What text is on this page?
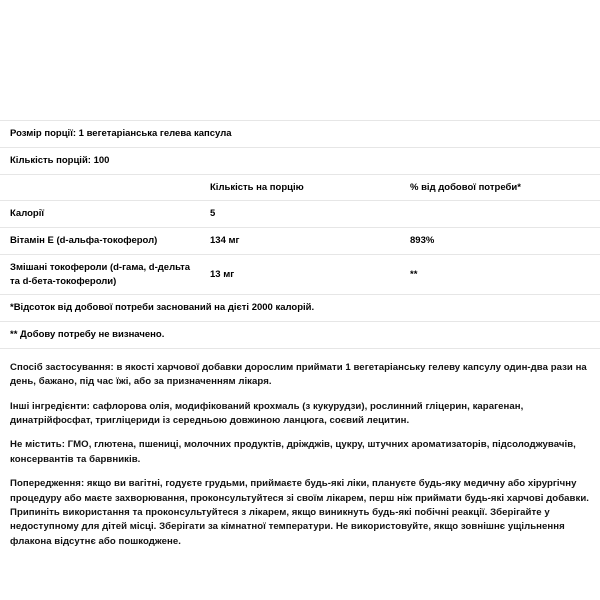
Розмір порції: 1 вегетаріанська гелева капсула		
Кількість порцій: 100		
	Кількість на порцію	% від добової потреби*
Калорії	5	
Вітамін E (d-альфа-токоферол)	134 мг	893%
Змішані токофероли (d-гама, d-дельта та d-бета-токофероли)	13 мг	**
*Відсоток від добової потреби заснований на дієті 2000 калорій.
** Добову потребу не визначено.

Спосіб застосування: в якості харчової добавки дорослим приймати 1 вегетаріанську гелеву капсулу один-два рази на день, бажано, під час їжі, або за призначенням лікаря.

Інші інгредієнти: сафлорова олія, модифікований крохмаль (з кукурудзи), рослинний гліцерин, карагенан, динатрійфосфат, тригліцериди із середньою довжиною ланцюга, соєвий лецитин.

Не містить: ГМО, глютена, пшениці, молочних продуктів, дріжджів, цукру, штучних ароматизаторів, підсолоджувачів, консервантів та барвників.

Попередження: якщо ви вагітні, годуєте грудьми, приймаєте будь-які ліки, плануєте будь-яку медичну або хірургічну процедуру або маєте захворювання, проконсультуйтеся зі своїм лікарем, перш ніж приймати будь-які харчові добавки. Припиніть використання та проконсультуйтеся з лікарем, якщо виникнуть будь-які побічні реакції. Зберігайте у недоступному для дітей місці. Зберігати за кімнатної температури. Не використовуйте, якщо зовнішнє ущільнення флакона відсутнє або пошкоджене.
